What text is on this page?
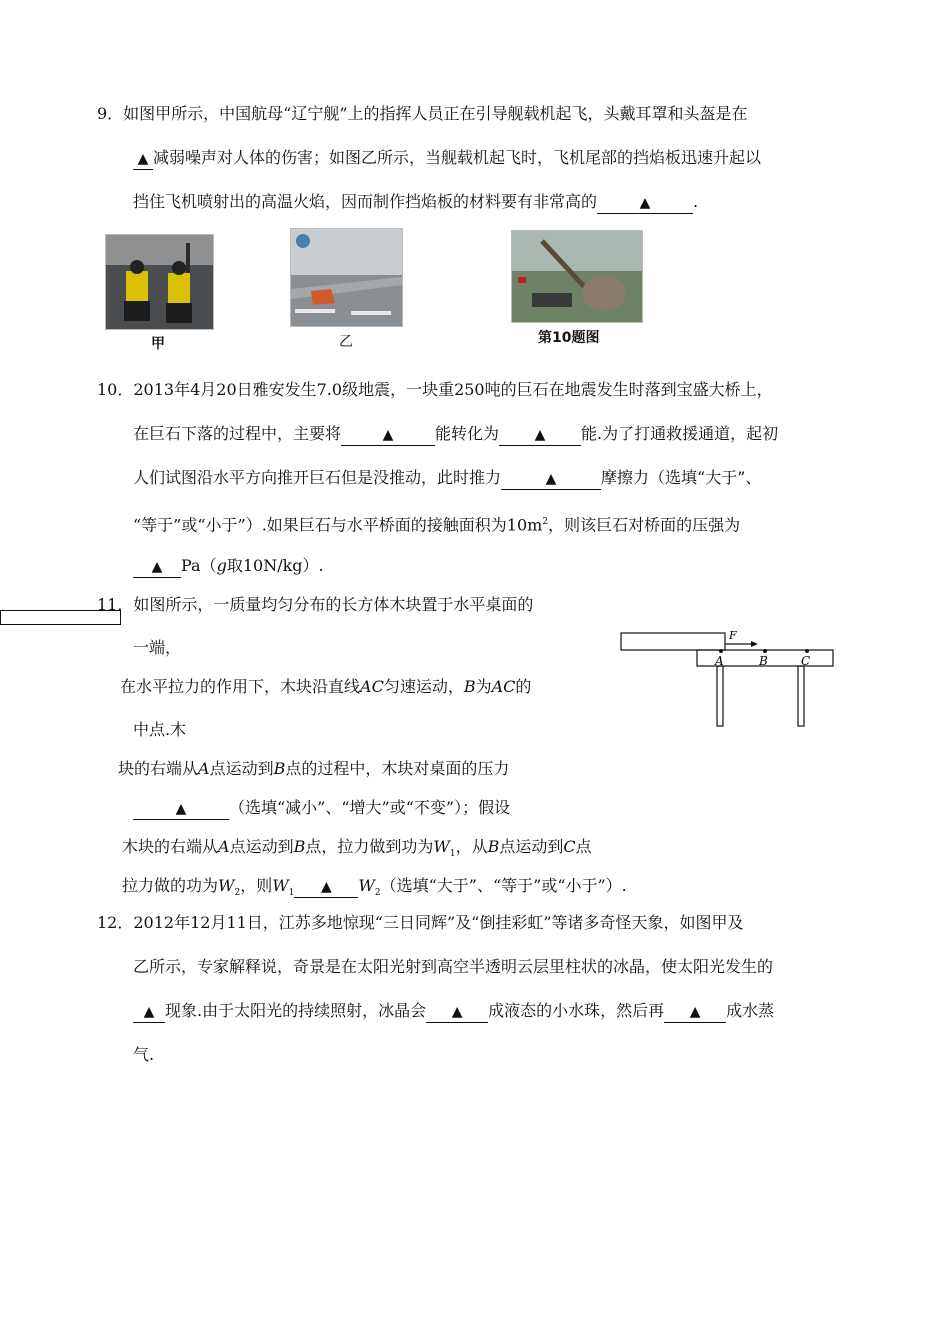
9．如图甲所示，中国航母“辽宁舰”上的指挥人员正在引导舰载机起飞，头戴耳罩和头盔是在
▲ 减弱噪声对人体的伤害；如图乙所示，当舰载机起飞时，飞机尾部的挡焰板迅速升起以
挡住飞机喷射出的高温火焰，因而制作挡焰板的材料要有非常高的	▲	.
甲	乙	第10题图
10．2013年4月20日雅安发生7.0级地震，一块重250吨的巨石在地震发生时落到宝盛大桥上，
在巨石下落的过程中，主要将	▲	能转化为	▲ 能.为了打通救援通道，起初
人们试图沿水平方向推开巨石但是没推动，此时推力	▲	摩擦力（选填“大于”、
“等于”或“小于”）.如果巨石与水平桥面的接触面积为$10m^2$，则该巨石对桥面的压强为
▲ Pa（g取10N/kg）.
11．如图所示，一质量均匀分布的长方体木块置于水平桌面的
一端，
在水平拉力的作用下，木块沿直线AC匀速运动，B为AC的
中点.木
块的右端从A点运动到B点的过程中，木块对桌面的压力
▲	（选填“减小”、“增大”或“不变”）；假设
木块的右端从A点运动到B点，拉力做到功为$W_1$，从B点运动到C点
拉力做的功为$W_2$，则$W_1$ ▲ $W_2$（选填“大于”、“等于”或“小于”）.
F
A	B	C
12．2012年12月11日，江苏多地惊现“三日同辉”及“倒挂彩虹”等诸多奇怪天象，如图甲及
乙所示，专家解释说，奇景是在太阳光射到高空半透明云层里柱状的冰晶，使太阳光发生的
▲ 现象.由于太阳光的持续照射，冰晶会 ▲ 成液态的小水珠，然后再 ▲ 成水蒸
气.
